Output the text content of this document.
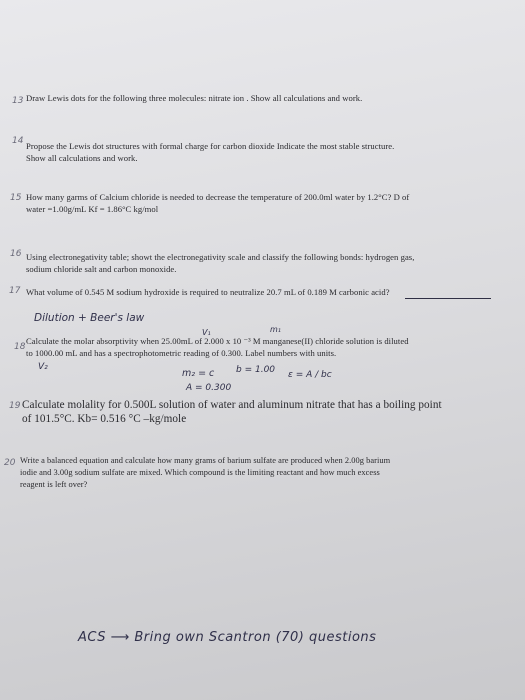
13 Draw Lewis dots for the following three molecules: nitrate ion . Show all calculations and work.
14 Propose the Lewis dot structures with formal charge for carbon dioxide Indicate the most stable structure.
Show all calculations and work.
15 How many garms of Calcium chloride is needed to decrease the temperature of 200.0ml water by 1.2°C? D of
water =1.00g/mL Kf = 1.86°C kg/mol
16 Using electronegativity table; showt the electronegativity scale and classify the following bonds: hydrogen gas,
sodium chloride salt and carbon monoxide.
17 What volume of 0.545 M sodium hydroxide is required to neutralize 20.7 mL of 0.189 M carbonic acid?
Dilution + Beer's law
V₁	m₁
18
Calculate the molar absorptivity when 25.00mL of 2.000 x 10 ⁻³ M manganese(II) chloride solution is diluted
to 1000.00 mL and has a spectrophotometric reading of 0.300. Label numbers with units.
V₂
m₂ = c b = 1.00 ε = A / bc
A = 0.300
19 Calculate molality for 0.500L solution of water and aluminum nitrate that has a boiling point
of 101.5°C. Kb= 0.516 °C –kg/mole
20 Write a balanced equation and calculate how many grams of barium sulfate are produced when 2.00g barium
iodie and 3.00g sodium sulfate are mixed. Which compound is the limiting reactant and how much excess
reagent is left over?
ACS ⟶ Bring own Scantron (70) questions
